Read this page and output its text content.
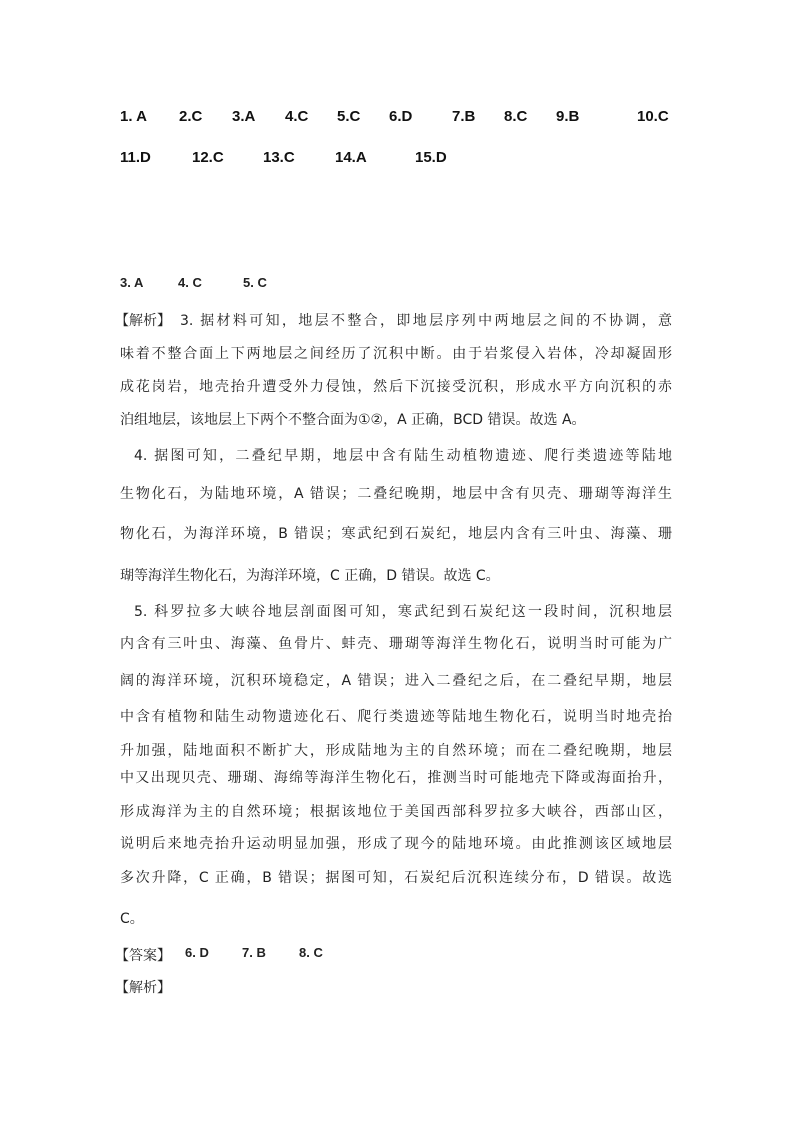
1. A 2.C 3.A 4.C 5.C 6.D	7.B 8.C 9.B	10.C
11.D	12.C	13.C	14.A	15.D
3. A	4. C	5. C
【解析】 3. 据材料可知，地层不整合，即地层序列中两地层之间的不协调，意
味着不整合面上下两地层之间经历了沉积中断。由于岩浆侵入岩体，冷却凝固形
成花岗岩，地壳抬升遭受外力侵蚀，然后下沉接受沉积，形成水平方向沉积的赤
泊组地层，该地层上下两个不整合面为①②，A 正确，BCD 错误。故选 A。
4. 据图可知，二叠纪早期，地层中含有陆生动植物遗迹、爬行类遗迹等陆地
生物化石，为陆地环境，A 错误；二叠纪晚期，地层中含有贝壳、珊瑚等海洋生
物化石，为海洋环境，B 错误；寒武纪到石炭纪，地层内含有三叶虫、海藻、珊
瑚等海洋生物化石，为海洋环境，C 正确，D 错误。故选 C。
5. 科罗拉多大峡谷地层剖面图可知，寒武纪到石炭纪这一段时间，沉积地层
内含有三叶虫、海藻、鱼骨片、蚌壳、珊瑚等海洋生物化石，说明当时可能为广
阔的海洋环境，沉积环境稳定，A 错误；进入二叠纪之后，在二叠纪早期，地层
中含有植物和陆生动物遗迹化石、爬行类遗迹等陆地生物化石，说明当时地壳抬
升加强，陆地面积不断扩大，形成陆地为主的自然环境；而在二叠纪晚期，地层
中又出现贝壳、珊瑚、海绵等海洋生物化石，推测当时可能地壳下降或海面抬升，
形成海洋为主的自然环境；根据该地位于美国西部科罗拉多大峡谷，西部山区，
说明后来地壳抬升运动明显加强，形成了现今的陆地环境。由此推测该区域地层
多次升降，C 正确，B 错误；据图可知，石炭纪后沉积连续分布，D 错误。故选
C。
【答案】 6. D	7. B	8. C
【解析】
